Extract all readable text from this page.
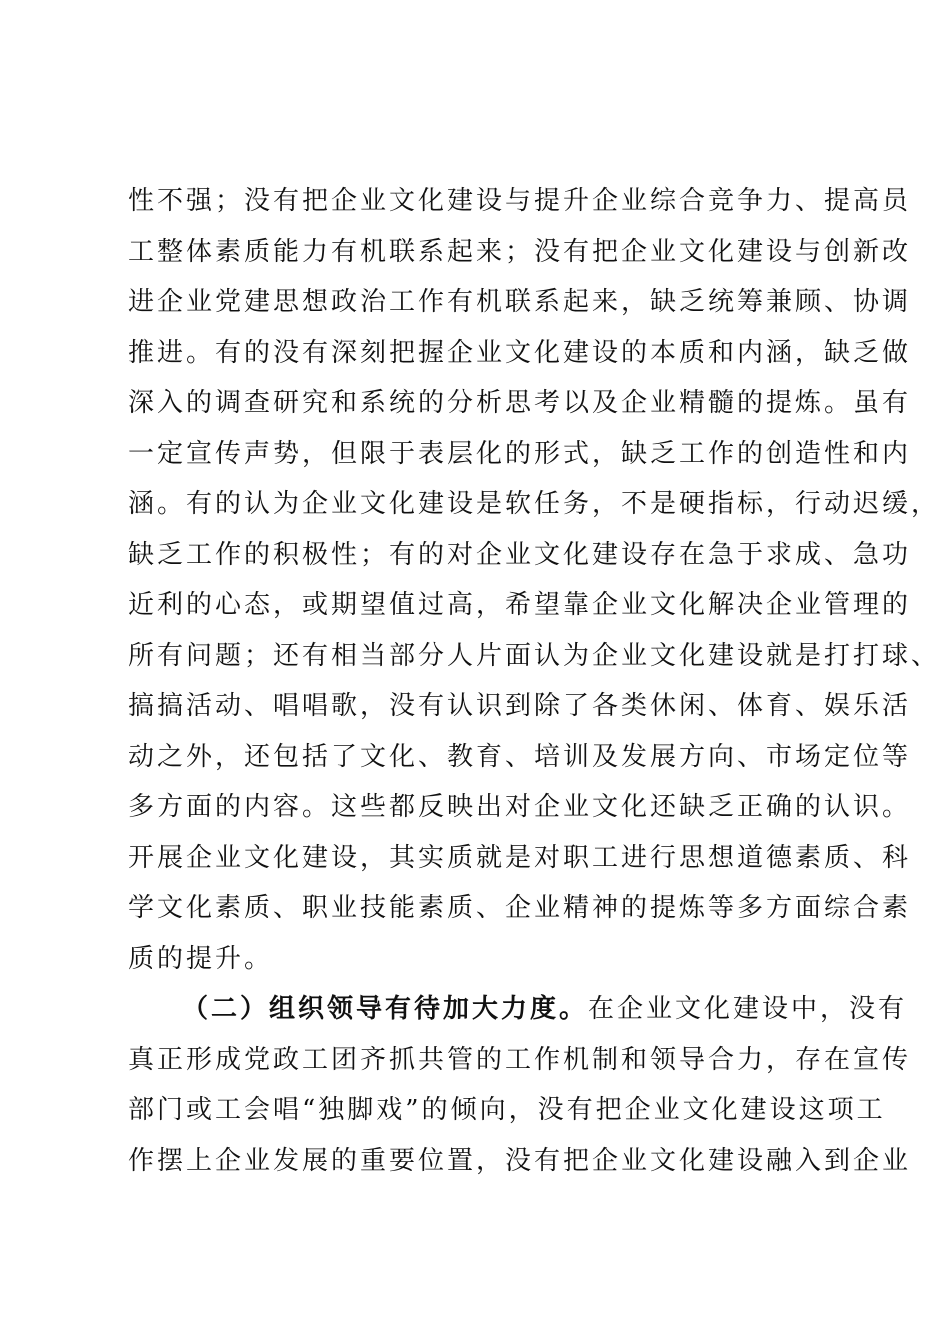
性不强；没有把企业文化建设与提升企业综合竞争力、提高员
工整体素质能力有机联系起来；没有把企业文化建设与创新改
进企业党建思想政治工作有机联系起来，缺乏统筹兼顾、协调
推进。有的没有深刻把握企业文化建设的本质和内涵，缺乏做
深入的调查研究和系统的分析思考以及企业精髓的提炼。虽有
一定宣传声势，但限于表层化的形式，缺乏工作的创造性和内
涵。有的认为企业文化建设是软任务，不是硬指标，行动迟缓，
缺乏工作的积极性；有的对企业文化建设存在急于求成、急功
近利的心态，或期望值过高，希望靠企业文化解决企业管理的
所有问题；还有相当部分人片面认为企业文化建设就是打打球、
搞搞活动、唱唱歌，没有认识到除了各类休闲、体育、娱乐活
动之外，还包括了文化、教育、培训及发展方向、市场定位等
多方面的内容。这些都反映出对企业文化还缺乏正确的认识。
开展企业文化建设，其实质就是对职工进行思想道德素质、科
学文化素质、职业技能素质、企业精神的提炼等多方面综合素
质的提升。
（二）组织领导有待加大力度。在企业文化建设中，没有
真正形成党政工团齐抓共管的工作机制和领导合力，存在宣传
部门或工会唱“独脚戏”的倾向，没有把企业文化建设这项工
作摆上企业发展的重要位置，没有把企业文化建设融入到企业
